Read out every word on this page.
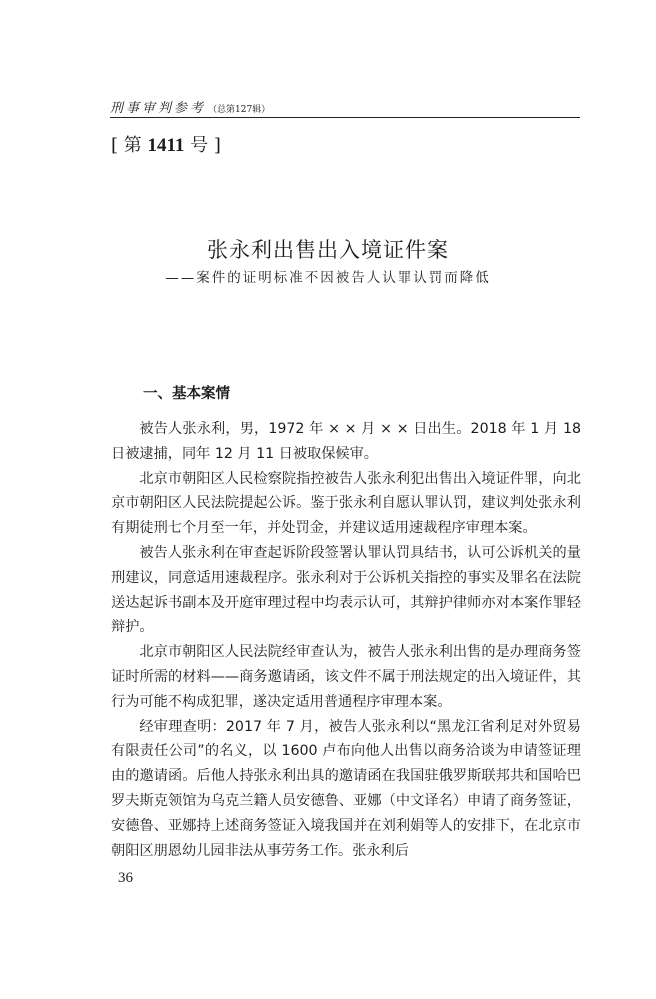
刑事审判参考 （总第127辑）
[ 第 1411 号 ]
张永利出售出入境证件案
——案件的证明标准不因被告人认罪认罚而降低
一、基本案情

被告人张永利，男，1972 年 × × 月 × × 日出生。2018 年 1 月 18 日被逮捕，同年 12 月 11 日被取保候审。

北京市朝阳区人民检察院指控被告人张永利犯出售出入境证件罪，向北京市朝阳区人民法院提起公诉。鉴于张永利自愿认罪认罚，建议判处张永利有期徒刑七个月至一年，并处罚金，并建议适用速裁程序审理本案。

被告人张永利在审查起诉阶段签署认罪认罚具结书，认可公诉机关的量刑建议，同意适用速裁程序。张永利对于公诉机关指控的事实及罪名在法院送达起诉书副本及开庭审理过程中均表示认可，其辩护律师亦对本案作罪轻辩护。

北京市朝阳区人民法院经审查认为，被告人张永利出售的是办理商务签证时所需的材料——商务邀请函，该文件不属于刑法规定的出入境证件，其行为可能不构成犯罪，遂决定适用普通程序审理本案。

经审理查明：2017 年 7 月，被告人张永利以“黑龙江省利足对外贸易有限责任公司”的名义，以 1600 卢布向他人出售以商务洽谈为申请签证理由的邀请函。后他人持张永利出具的邀请函在我国驻俄罗斯联邦共和国哈巴罗夫斯克领馆为乌克兰籍人员安德鲁、亚娜（中文译名）申请了商务签证，安德鲁、亚娜持上述商务签证入境我国并在刘利娟等人的安排下，在北京市朝阳区朋恩幼儿园非法从事劳务工作。张永利后

36
